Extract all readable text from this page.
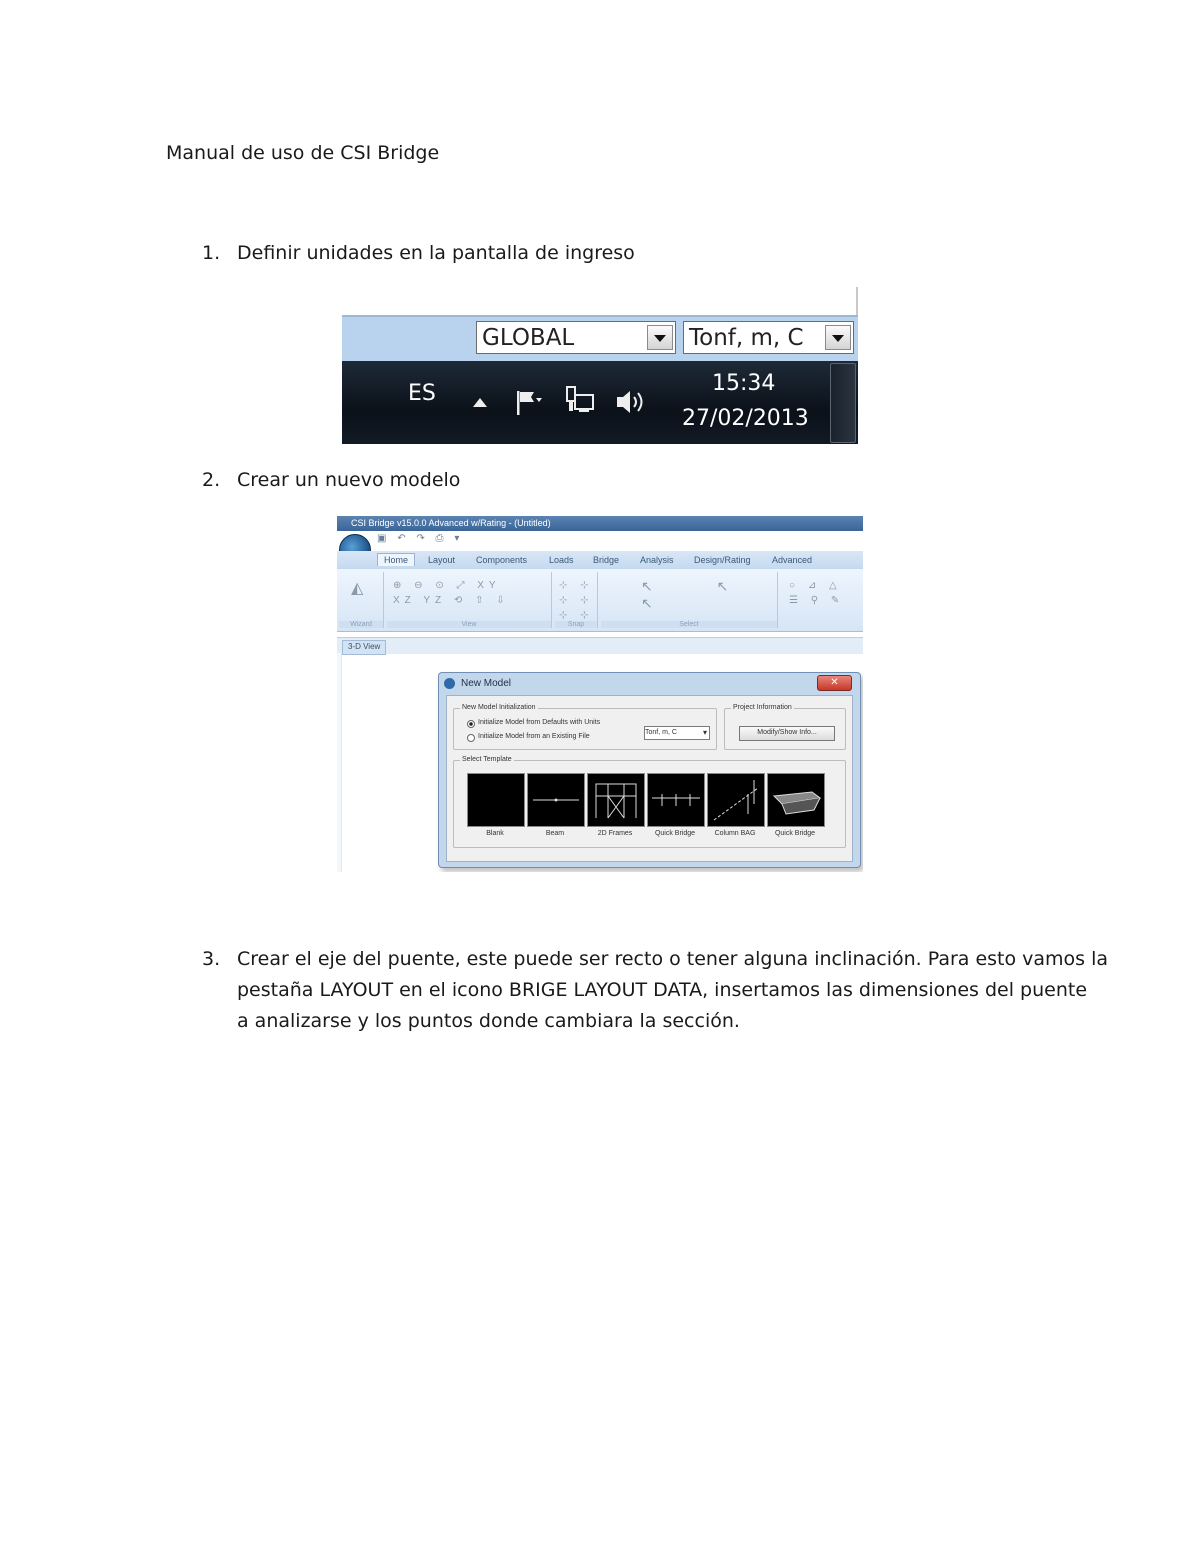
Manual de uso de CSI Bridge
1. Definir unidades en la pantalla de ingreso
GLOBAL	Tonf, m, C
ES	15:34
27/02/2013
2. Crear un nuevo modelo
CSI Bridge v15.0.0 Advanced w/Rating - (Untitled)
▣ ↶ ↷ ⎙ ▾
Home	Layout Components Loads Bridge Analysis Design/Rating Advanced
◭
Wizard
⊕ ⊖ ⊙ ⤢ XY XZ YZ ⟲ ⇧ ⇩
View
⊹ ⊹ ⊹ ⊹ ⊹ ⊹
Snap
↖ ↖ ↖
Select
○ ⊿ △ ☰ ⚲ ✎
3-D View
New Model	✕
New Model Initialization
Initialize Model from Defaults with Units
Initialize Model from an Existing File
Tonf, m, C ▾
Project Information
Modify/Show Info...
Select Template
Blank	Beam	2D Frames	Quick Bridge	Column BAG	Quick Bridge
3. Crear el eje del puente, este puede ser recto o tener alguna inclinación. Para esto vamos la
pestaña LAYOUT en el icono BRIGE LAYOUT DATA, insertamos las dimensiones del puente
a analizarse y los puntos donde cambiara la sección.
